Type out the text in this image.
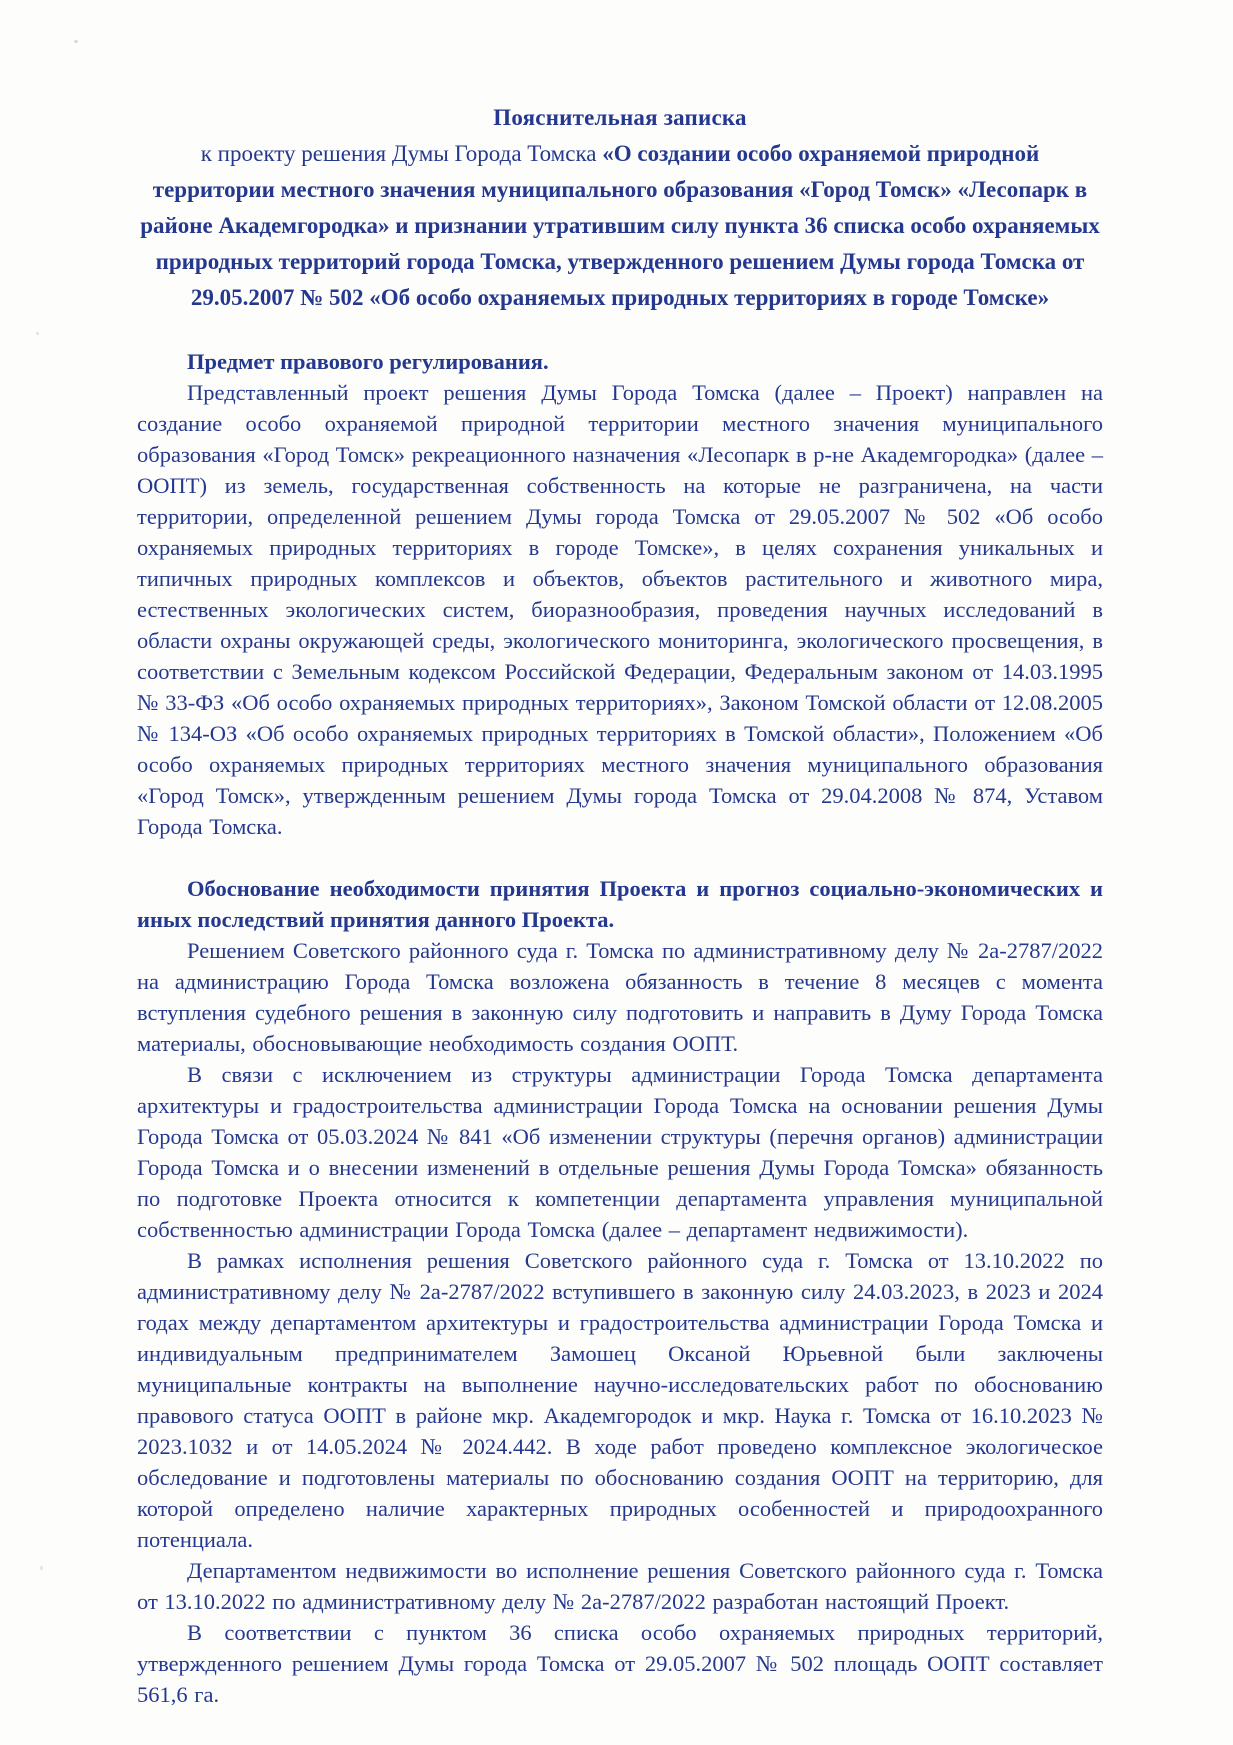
Пояснительная записка

к проекту решения Думы Города Томска «О создании особо охраняемой природной территории местного значения муниципального образования «Город Томск» «Лесопарк в районе Академгородка» и признании утратившим силу пункта 36 списка особо охраняемых природных территорий города Томска, утвержденного решением Думы города Томска от 29.05.2007 № 502 «Об особо охраняемых природных территориях в городе Томске»

Предмет правового регулирования.

Представленный проект решения Думы Города Томска (далее – Проект) направлен на создание особо охраняемой природной территории местного значения муниципального образования «Город Томск» рекреационного назначения «Лесопарк в р-не Академгородка» (далее – ООПТ) из земель, государственная собственность на которые не разграничена, на части территории, определенной решением Думы города Томска от 29.05.2007 № 502 «Об особо охраняемых природных территориях в городе Томске», в целях сохранения уникальных и типичных природных комплексов и объектов, объектов растительного и животного мира, естественных экологических систем, биоразнообразия, проведения научных исследований в области охраны окружающей среды, экологического мониторинга, экологического просвещения, в соответствии с Земельным кодексом Российской Федерации, Федеральным законом от 14.03.1995 № 33-ФЗ «Об особо охраняемых природных территориях», Законом Томской области от 12.08.2005 № 134-ОЗ «Об особо охраняемых природных территориях в Томской области», Положением «Об особо охраняемых природных территориях местного значения муниципального образования «Город Томск», утвержденным решением Думы города Томска от 29.04.2008 № 874, Уставом Города Томска.

Обоснование необходимости принятия Проекта и прогноз социально-экономических и иных последствий принятия данного Проекта.

Решением Советского районного суда г. Томска по административному делу № 2а-2787/2022 на администрацию Города Томска возложена обязанность в течение 8 месяцев с момента вступления судебного решения в законную силу подготовить и направить в Думу Города Томска материалы, обосновывающие необходимость создания ООПТ.

В связи с исключением из структуры администрации Города Томска департамента архитектуры и градостроительства администрации Города Томска на основании решения Думы Города Томска от 05.03.2024 № 841 «Об изменении структуры (перечня органов) администрации Города Томска и о внесении изменений в отдельные решения Думы Города Томска» обязанность по подготовке Проекта относится к компетенции департамента управления муниципальной собственностью администрации Города Томска (далее – департамент недвижимости).

В рамках исполнения решения Советского районного суда г. Томска от 13.10.2022 по административному делу № 2а-2787/2022 вступившего в законную силу 24.03.2023, в 2023 и 2024 годах между департаментом архитектуры и градостроительства администрации Города Томска и индивидуальным предпринимателем Замошец Оксаной Юрьевной были заключены муниципальные контракты на выполнение научно-исследовательских работ по обоснованию правового статуса ООПТ в районе мкр. Академгородок и мкр. Наука г. Томска от 16.10.2023 № 2023.1032 и от 14.05.2024 № 2024.442. В ходе работ проведено комплексное экологическое обследование и подготовлены материалы по обоснованию создания ООПТ на территорию, для которой определено наличие характерных природных особенностей и природоохранного потенциала.

Департаментом недвижимости во исполнение решения Советского районного суда г. Томска от 13.10.2022 по административному делу № 2а-2787/2022 разработан настоящий Проект.

В соответствии с пунктом 36 списка особо охраняемых природных территорий, утвержденного решением Думы города Томска от 29.05.2007 № 502 площадь ООПТ составляет 561,6 га.
